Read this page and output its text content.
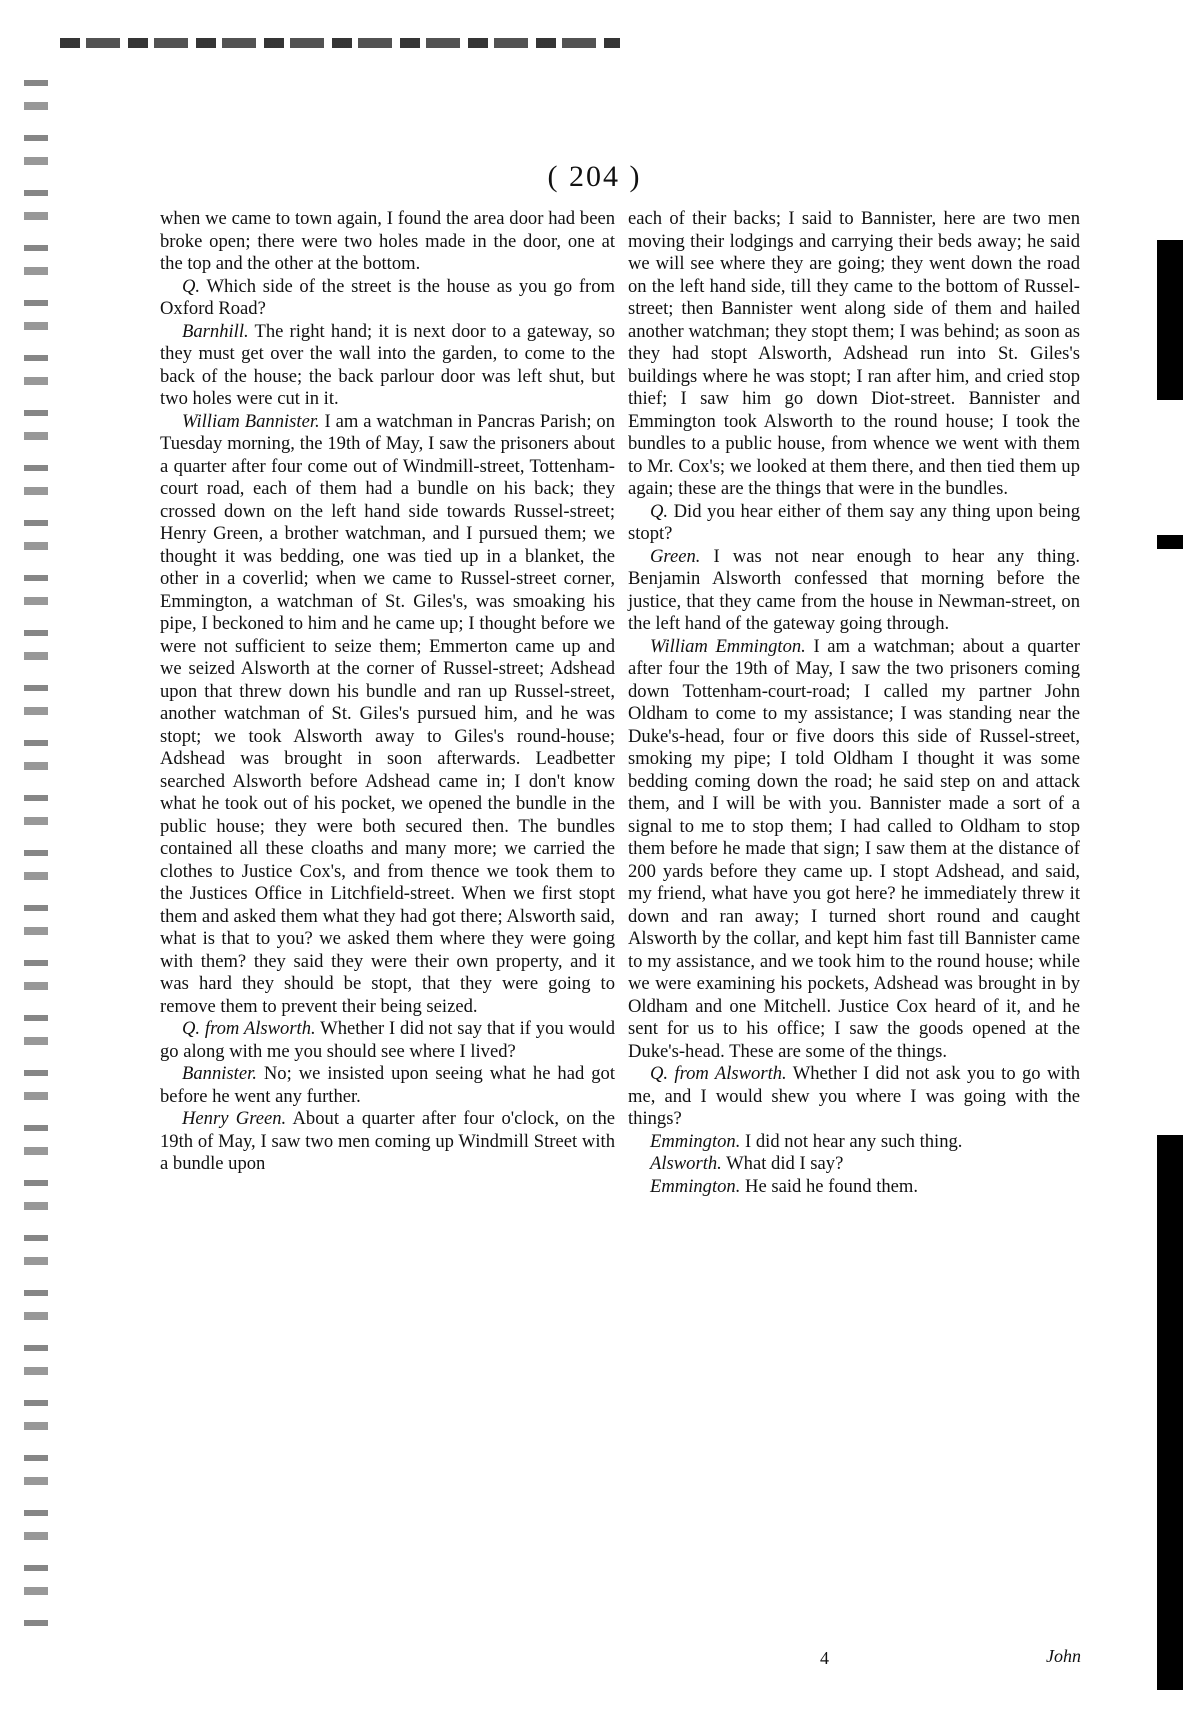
( 204 )

when we came to town again, I found the area door had been broke open; there were two holes made in the door, one at the top and the other at the bottom.

Q. Which side of the street is the house as you go from Oxford Road?

Barnhill. The right hand; it is next door to a gateway, so they must get over the wall into the garden, to come to the back of the house; the back parlour door was left shut, but two holes were cut in it.

William Bannister. I am a watchman in Pancras Parish; on Tuesday morning, the 19th of May, I saw the prisoners about a quarter after four come out of Windmill-street, Tottenham-court road, each of them had a bundle on his back; they crossed down on the left hand side towards Russel-street; Henry Green, a brother watchman, and I pursued them; we thought it was bedding, one was tied up in a blanket, the other in a coverlid; when we came to Russel-street corner, Emmington, a watchman of St. Giles's, was smoaking his pipe, I beckoned to him and he came up; I thought before we were not sufficient to seize them; Emmerton came up and we seized Alsworth at the corner of Russel-street; Adshead upon that threw down his bundle and ran up Russel-street, another watchman of St. Giles's pursued him, and he was stopt; we took Alsworth away to Giles's round-house; Adshead was brought in soon afterwards. Leadbetter searched Alsworth before Adshead came in; I don't know what he took out of his pocket, we opened the bundle in the public house; they were both secured then. The bundles contained all these cloaths and many more; we carried the clothes to Justice Cox's, and from thence we took them to the Justices Office in Litchfield-street. When we first stopt them and asked them what they had got there; Alsworth said, what is that to you? we asked them where they were going with them? they said they were their own property, and it was hard they should be stopt, that they were going to remove them to prevent their being seized.

Q. from Alsworth. Whether I did not say that if you would go along with me you should see where I lived?

Bannister. No; we insisted upon seeing what he had got before he went any further.

Henry Green. About a quarter after four o'clock, on the 19th of May, I saw two men coming up Windmill Street with a bundle upon

each of their backs; I said to Bannister, here are two men moving their lodgings and carrying their beds away; he said we will see where they are going; they went down the road on the left hand side, till they came to the bottom of Russel-street; then Bannister went along side of them and hailed another watchman; they stopt them; I was behind; as soon as they had stopt Alsworth, Adshead run into St. Giles's buildings where he was stopt; I ran after him, and cried stop thief; I saw him go down Diot-street. Bannister and Emmington took Alsworth to the round house; I took the bundles to a public house, from whence we went with them to Mr. Cox's; we looked at them there, and then tied them up again; these are the things that were in the bundles.

Q. Did you hear either of them say any thing upon being stopt?

Green. I was not near enough to hear any thing. Benjamin Alsworth confessed that morning before the justice, that they came from the house in Newman-street, on the left hand of the gateway going through.

William Emmington. I am a watchman; about a quarter after four the 19th of May, I saw the two prisoners coming down Tottenham-court-road; I called my partner John Oldham to come to my assistance; I was standing near the Duke's-head, four or five doors this side of Russel-street, smoking my pipe; I told Oldham I thought it was some bedding coming down the road; he said step on and attack them, and I will be with you. Bannister made a sort of a signal to me to stop them; I had called to Oldham to stop them before he made that sign; I saw them at the distance of 200 yards before they came up. I stopt Adshead, and said, my friend, what have you got here? he immediately threw it down and ran away; I turned short round and caught Alsworth by the collar, and kept him fast till Bannister came to my assistance, and we took him to the round house; while we were examining his pockets, Adshead was brought in by Oldham and one Mitchell. Justice Cox heard of it, and he sent for us to his office; I saw the goods opened at the Duke's-head. These are some of the things.

Q. from Alsworth. Whether I did not ask you to go with me, and I would shew you where I was going with the things?

Emmington. I did not hear any such thing.

Alsworth. What did I say?

Emmington. He said he found them.

4	John
